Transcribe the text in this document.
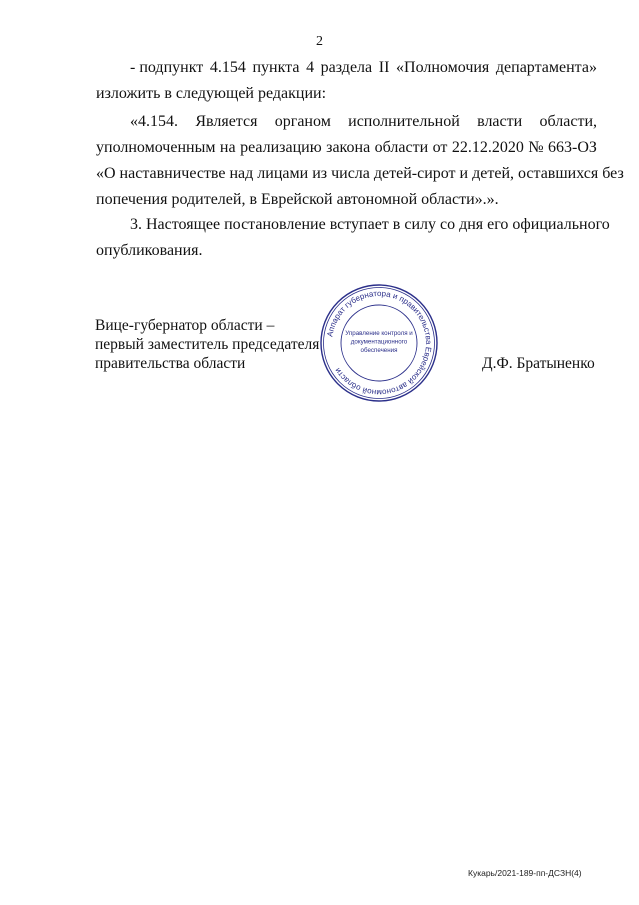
2
- подпункт 4.154 пункта 4 раздела II «Полномочия департамента»
изложить в следующей редакции:
«4.154. Является органом исполнительной власти области,
уполномоченным на реализацию закона области от 22.12.2020 № 663-ОЗ
«О наставничестве над лицами из числа детей-сирот и детей, оставшихся без
попечения родителей, в Еврейской автономной области».».
3. Настоящее постановление вступает в силу со дня его официального
опубликования.
Вице-губернатор области –
первый заместитель председателя
правительства области	Д.Ф. Братыненко
Аппарат губернатора и правительства Еврейской автономной области
Управление контроля и
документационного
обеспечения
Кукарь/2021-189-пп-ДСЗН(4)
